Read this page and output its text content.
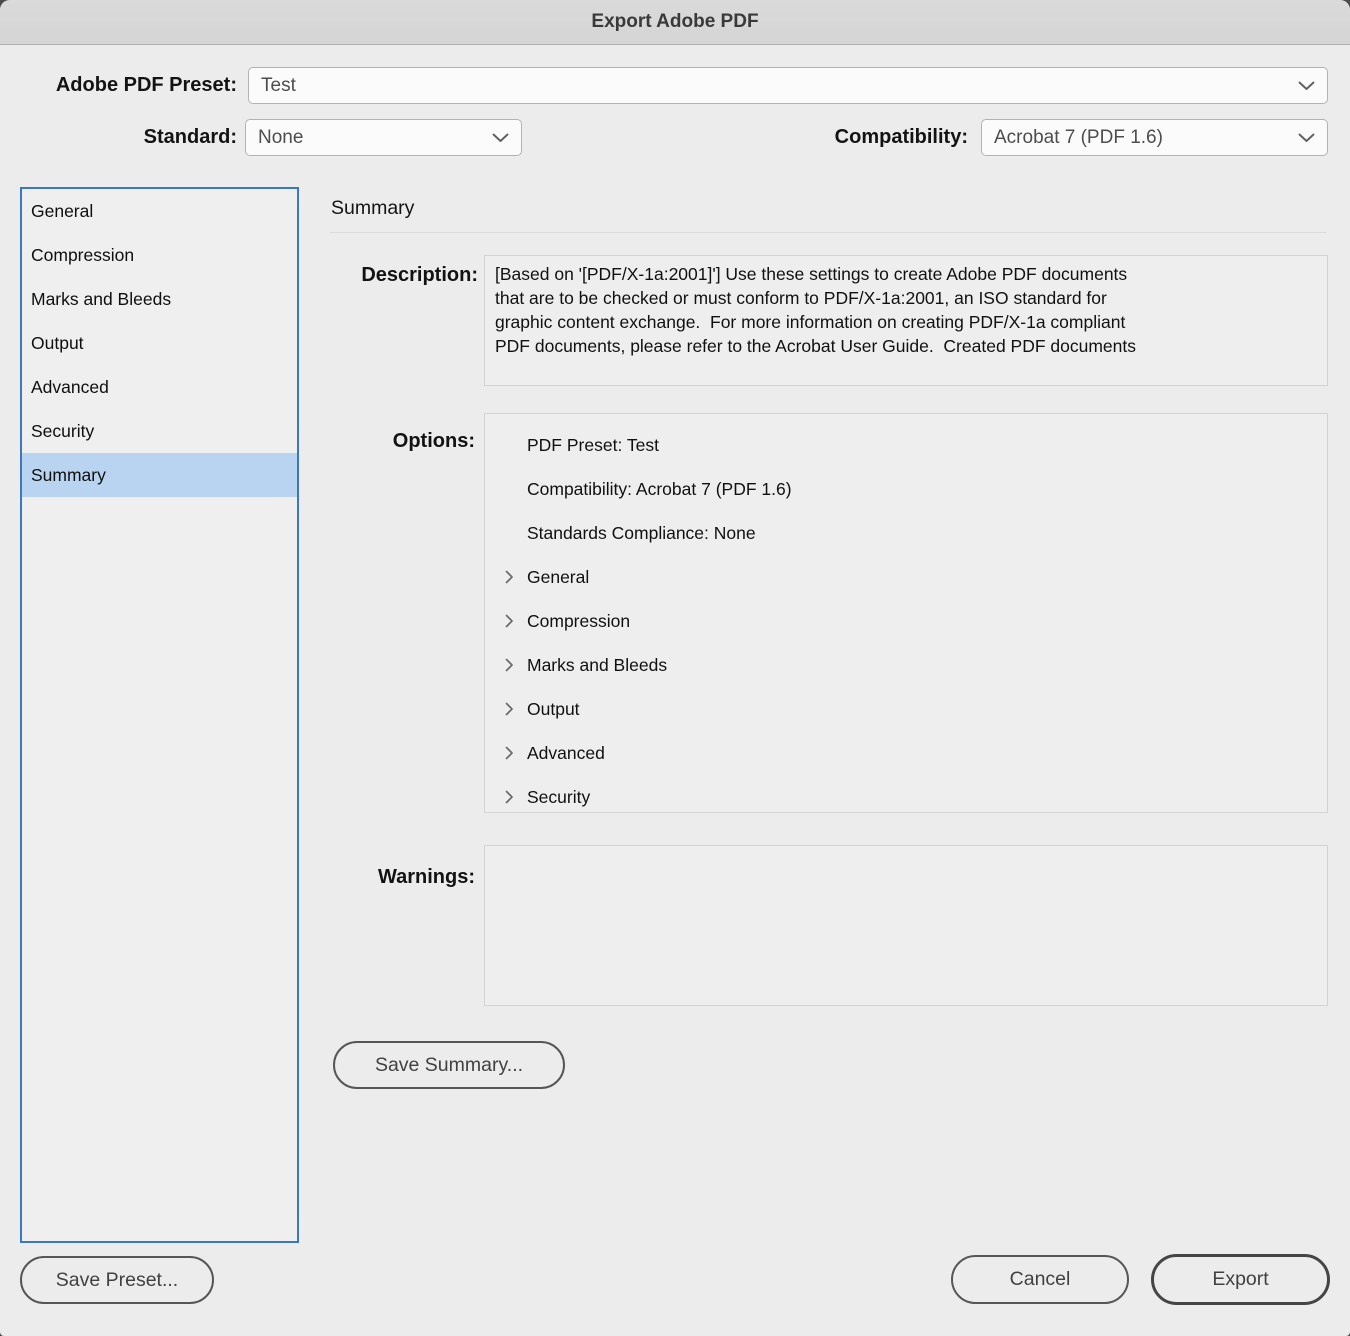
Export Adobe PDF
Adobe PDF Preset: Test
Standard: None	Compatibility: Acrobat 7 (PDF 1.6)
General
Compression
Marks and Bleeds
Output
Advanced
Security
Summary
Summary
Description: [Based on '[PDF/X-1a:2001]'] Use these settings to create Adobe PDF documents
that are to be checked or must conform to PDF/X-1a:2001, an ISO standard for
graphic content exchange.  For more information on creating PDF/X-1a compliant
PDF documents, please refer to the Acrobat User Guide.  Created PDF documents
Options:	PDF Preset: Test
Compatibility: Acrobat 7 (PDF 1.6)
Standards Compliance: None
General
Compression
Marks and Bleeds
Output
Advanced
Security
Warnings:
Save Summary...
Save Preset...	Cancel	Export
